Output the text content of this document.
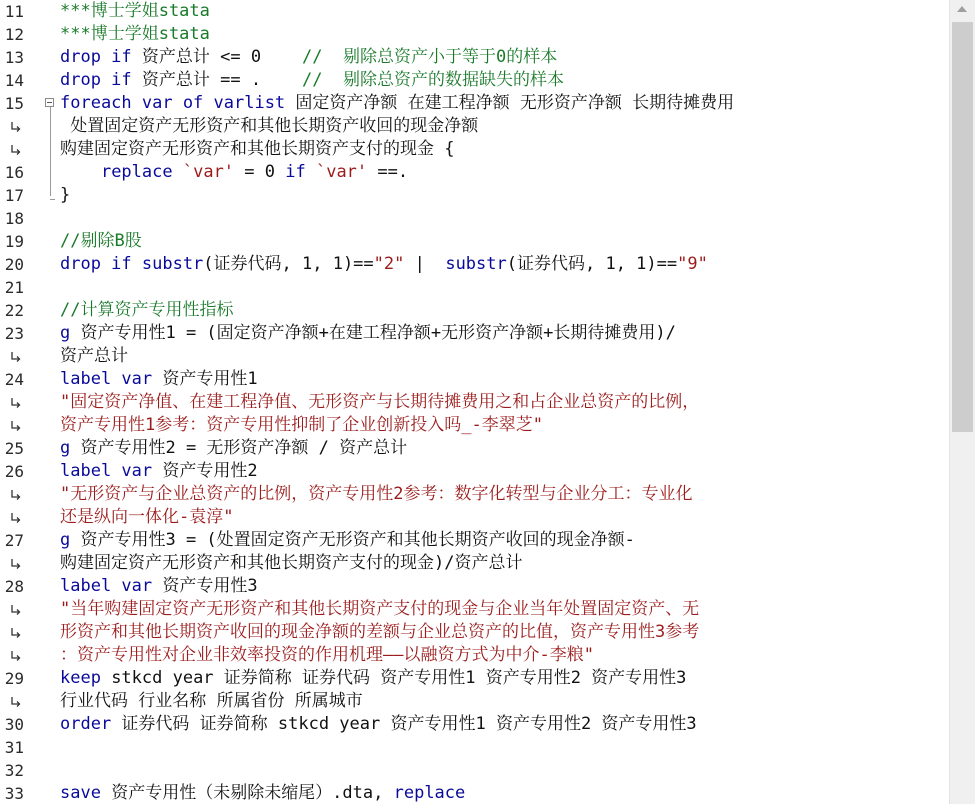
11 ***博士学姐stata
12 ***博士学姐stata
13 drop if 资产总计 <= 0    //  剔除总资产小于等于0的样本
14 drop if 资产总计 == .    //  剔除总资产的数据缺失的样本
15 foreach var of varlist 固定资产净额 在建工程净额 无形资产净额 长期待摊费用
处置固定资产无形资产和其他长期资产收回的现金净额
购建固定资产无形资产和其他长期资产支付的现金 {
16	replace `var' = 0 if `var' ==.
17 }
18
19 //剔除B股
20 drop if substr(证券代码, 1, 1)=="2" |  substr(证券代码, 1, 1)=="9"
21
22 //计算资产专用性指标
23 g 资产专用性1 = (固定资产净额+在建工程净额+无形资产净额+长期待摊费用)/
资产总计
24 label var 资产专用性1
"固定资产净值、在建工程净值、无形资产与长期待摊费用之和占企业总资产的比例，
资产专用性1参考：资产专用性抑制了企业创新投入吗_-李翠芝"
25 g 资产专用性2 = 无形资产净额 / 资产总计
26 label var 资产专用性2
"无形资产与企业总资产的比例，资产专用性2参考：数字化转型与企业分工：专业化
还是纵向一体化-袁淳"
27 g 资产专用性3 = (处置固定资产无形资产和其他长期资产收回的现金净额-
购建固定资产无形资产和其他长期资产支付的现金)/资产总计
28 label var 资产专用性3
"当年购建固定资产无形资产和其他长期资产支付的现金与企业当年处置固定资产、无
形资产和其他长期资产收回的现金净额的差额与企业总资产的比值，资产专用性3参考
：资产专用性对企业非效率投资的作用机理——以融资方式为中介-李粮"
29 keep stkcd year 证券简称 证券代码 资产专用性1 资产专用性2 资产专用性3
行业代码 行业名称 所属省份 所属城市
30 order 证券代码 证券简称 stkcd year 资产专用性1 资产专用性2 资产专用性3
31
32
33 save 资产专用性（未剔除未缩尾）.dta, replace
